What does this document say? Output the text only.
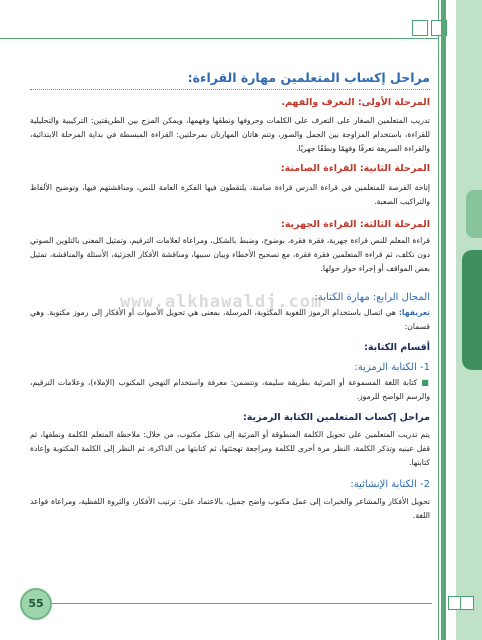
مراحل إكساب المتعلمين مهارة القراءة:

المرحلة الأولى: التعرف والفهم.

تدريب المتعلمين الصغار على التعرف على الكلمات وحروفها ونطقها وفهمها، ويمكن المزج بين الطريقتين: التركيبية والتحليلية للقراءة، باستخدام المزاوجة بين الجمل والصور، وتتم هاتان المهارتان بمرحلتين: القراءة المبسطة في بداية المرحلة الابتدائية، والقراءة السريعة تعرفًا وفهمًا ونطقًا جهريًا.

المرحلة الثانية: القراءة الصامتة:

إتاحة الفرصة للمتعلمين في قراءة الدرس قراءة صامتة، يلتقطون فيها الفكرة العامة للنص، ومناقشتهم فيها، وتوضيح الألفاظ والتراكيب الصعبة.

المرحلة الثالثة: القراءة الجهرية:

قراءة المعلم للنص قراءة جهرية، فقرة فقرة، بوضوح، وضبط بالشكل، ومراعاة لعلامات الترقيم، وتمثيل المعنى بالتلوين الصوتي دون تكلف، ثم قراءة المتعلمين فقرة فقرة، مع تصحيح الأخطاء وبيان سببها، ومناقشة الأفكار الجزئية، الأسئلة والمناقشة، تمثيل بعض المواقف أو إجراء حوار حولها.

المجال الرابع: مهارة الكتابة:

تعريفها: هي اتصال باستخدام الرموز اللغوية المكتوبة، المرسلة، بمعنى هي تحويل الأصوات أو الأفكار إلى رموز مكتوبة. وهي قسمان:

أقسام الكتابة:

1- الكتابة الرمزية:

■كتابة اللغة المسموعة أو المرئية بطريقة سليمة، وتتضمن: معرفة واستخدام التهجي المكتوب (الإملاء)، وعلامات الترقيم، والرسم الواضح للرموز.

مراحل إكساب المتعلمين الكتابة الرمزية:

يتم تدريب المتعلمين على تحويل الكلمة المنطوقة أو المرئية إلى شكل مكتوب، من خلال: ملاحظة المتعلم للكلمة ونطقها، ثم قفل عينيه وتذكر الكلمة، النظر مرة أخرى للكلمة ومراجعة تهجئتها، ثم كتابتها من الذاكرة، ثم النظر إلى الكلمة المكتوبة وإعادة كتابتها.

2- الكتابة الإنشائية:

تحويل الأفكار والمشاعر والخبرات إلى عمل مكتوب واضح جميل، بالاعتماد على: ترتيب الأفكار، والثروة اللفظية، ومراعاة قواعد اللغة.

www.alkhawaldj.com
55
